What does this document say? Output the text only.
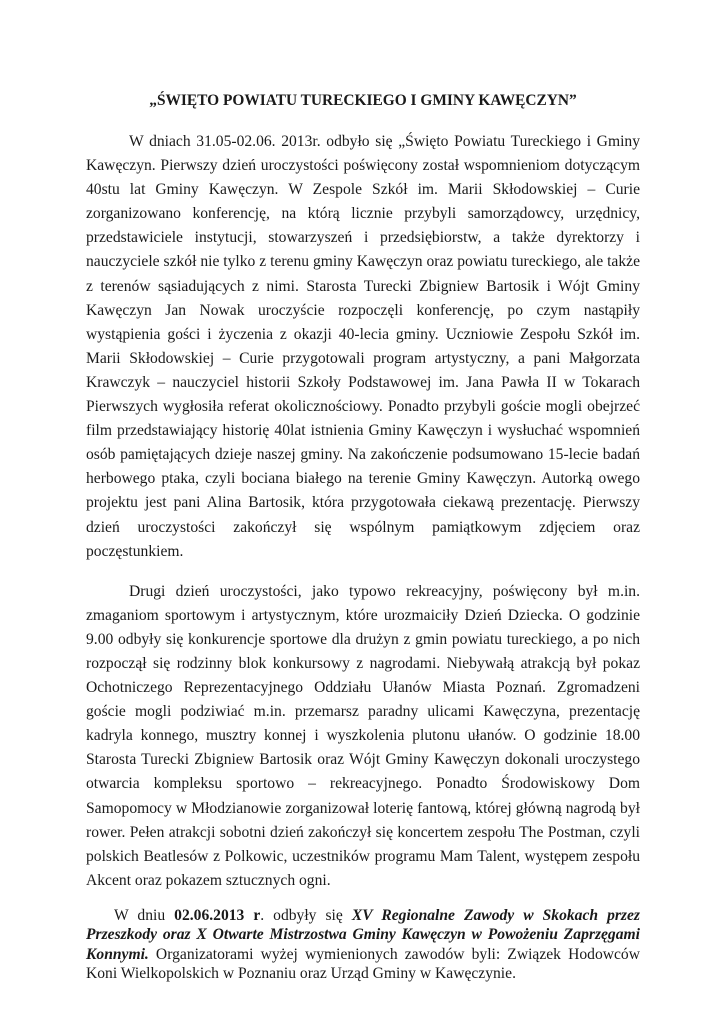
„ŚWIĘTO POWIATU TURECKIEGO I GMINY KAWĘCZYN”

W dniach 31.05-02.06. 2013r. odbyło się „Święto Powiatu Tureckiego i Gminy Kawęczyn. Pierwszy dzień uroczystości poświęcony został wspomnieniom dotyczącym 40stu lat Gminy Kawęczyn. W Zespole Szkół im. Marii Skłodowskiej – Curie zorganizowano konferencję, na którą licznie przybyli samorządowcy, urzędnicy, przedstawiciele instytucji, stowarzyszeń i przedsiębiorstw, a także dyrektorzy i nauczyciele szkół nie tylko z terenu gminy Kawęczyn oraz powiatu tureckiego, ale także z terenów sąsiadujących z nimi. Starosta Turecki Zbigniew Bartosik i Wójt Gminy Kawęczyn Jan Nowak uroczyście rozpoczęli konferencję, po czym nastąpiły wystąpienia gości i życzenia z okazji 40-lecia gminy. Uczniowie Zespołu Szkół im. Marii Skłodowskiej – Curie przygotowali program artystyczny, a pani Małgorzata Krawczyk – nauczyciel historii Szkoły Podstawowej im. Jana Pawła II w Tokarach Pierwszych wygłosiła referat okolicznościowy. Ponadto przybyli goście mogli obejrzeć film przedstawiający historię 40lat istnienia Gminy Kawęczyn i wysłuchać wspomnień osób pamiętających dzieje naszej gminy. Na zakończenie podsumowano 15-lecie badań herbowego ptaka, czyli bociana białego na terenie Gminy Kawęczyn. Autorką owego projektu jest pani Alina Bartosik, która przygotowała ciekawą prezentację. Pierwszy dzień uroczystości zakończył się wspólnym pamiątkowym zdjęciem oraz poczęstunkiem.

Drugi dzień uroczystości, jako typowo rekreacyjny, poświęcony był m.in. zmaganiom sportowym i artystycznym, które urozmaiciły Dzień Dziecka. O godzinie 9.00 odbyły się konkurencje sportowe dla drużyn z gmin powiatu tureckiego, a po nich rozpoczął się rodzinny blok konkursowy z nagrodami. Niebywałą atrakcją był pokaz Ochotniczego Reprezentacyjnego Oddziału Ułanów Miasta Poznań. Zgromadzeni goście mogli podziwiać m.in. przemarsz paradny ulicami Kawęczyna, prezentację kadryla konnego, musztry konnej i wyszkolenia plutonu ułanów. O godzinie 18.00 Starosta Turecki Zbigniew Bartosik oraz Wójt Gminy Kawęczyn dokonali uroczystego otwarcia kompleksu sportowo – rekreacyjnego. Ponadto Środowiskowy Dom Samopomocy w Młodzianowie zorganizował loterię fantową, której główną nagrodą był rower. Pełen atrakcji sobotni dzień zakończył się koncertem zespołu The Postman, czyli polskich Beatlesów z Polkowic, uczestników programu Mam Talent, występem zespołu Akcent oraz pokazem sztucznych ogni.

W dniu 02.06.2013 r. odbyły się XV Regionalne Zawody w Skokach przez Przeszkody oraz X Otwarte Mistrzostwa Gminy Kawęczyn w Powożeniu Zaprzęgami Konnymi. Organizatorami wyżej wymienionych zawodów byli: Związek Hodowców Koni Wielkopolskich w Poznaniu oraz Urząd Gminy w Kawęczynie.
